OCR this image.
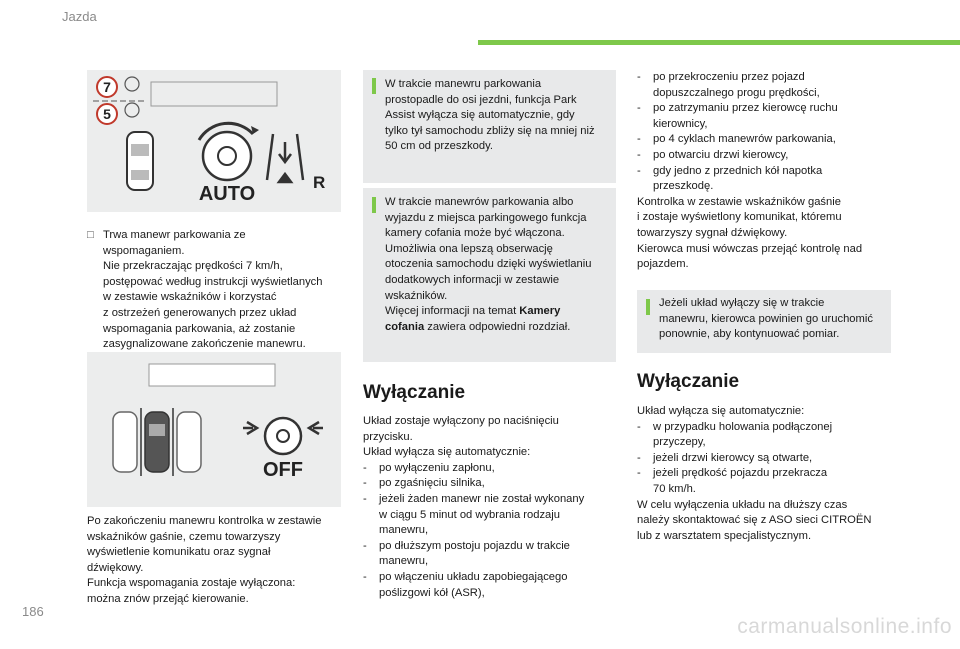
Jazda
186
7
5
AUTO
R

□ Trwa manewr parkowania ze

wspomaganiem.

Nie przekraczając prędkości 7 km/h,

postępować według instrukcji wyświetlanych

w zestawie wskaźników i korzystać

z ostrzeżeń generowanych przez układ

wspomagania parkowania, aż zostanie

zasygnalizowane zakończenie manewru.

OFF

Po zakończeniu manewru kontrolka w zestawie

wskaźników gaśnie, czemu towarzyszy

wyświetlenie komunikatu oraz sygnał

dźwiękowy.

Funkcja wspomagania zostaje wyłączona:

można znów przejąć kierowanie.

W trakcie manewru parkowania

prostopadle do osi jezdni, funkcja Park

Assist wyłącza się automatycznie, gdy

tylko tył samochodu zbliży się na mniej niż

50 cm od przeszkody.

W trakcie manewrów parkowania albo

wyjazdu z miejsca parkingowego funkcja

kamery cofania może być włączona.

Umożliwia ona lepszą obserwację

otoczenia samochodu dzięki wyświetlaniu

dodatkowych informacji w zestawie

wskaźników.

Więcej informacji na temat Kamery

cofania zawiera odpowiedni rozdział.

Wyłączanie

Układ zostaje wyłączony po naciśnięciu

przycisku.

Układ wyłącza się automatycznie:

- po wyłączeniu zapłonu,

- po zgaśnięciu silnika,

- jeżeli żaden manewr nie został wykonany

w ciągu 5 minut od wybrania rodzaju

manewru,

- po dłuższym postoju pojazdu w trakcie

manewru,

- po włączeniu układu zapobiegającego

poślizgowi kół (ASR),

- po przekroczeniu przez pojazd

dopuszczalnego progu prędkości,

- po zatrzymaniu przez kierowcę ruchu

kierownicy,

- po 4 cyklach manewrów parkowania,

- po otwarciu drzwi kierowcy,

- gdy jedno z przednich kół napotka

przeszkodę.

Kontrolka w zestawie wskaźników gaśnie

i zostaje wyświetlony komunikat, któremu

towarzyszy sygnał dźwiękowy.

Kierowca musi wówczas przejąć kontrolę nad

pojazdem.

Jeżeli układ wyłączy się w trakcie

manewru, kierowca powinien go uruchomić

ponownie, aby kontynuować pomiar.

Wyłączanie

Układ wyłącza się automatycznie:

- w przypadku holowania podłączonej

przyczepy,

- jeżeli drzwi kierowcy są otwarte,

- jeżeli prędkość pojazdu przekracza

70 km/h.

W celu wyłączenia układu na dłuższy czas

należy skontaktować się z ASO sieci CITROËN

lub z warsztatem specjalistycznym.

carmanualsonline.info
